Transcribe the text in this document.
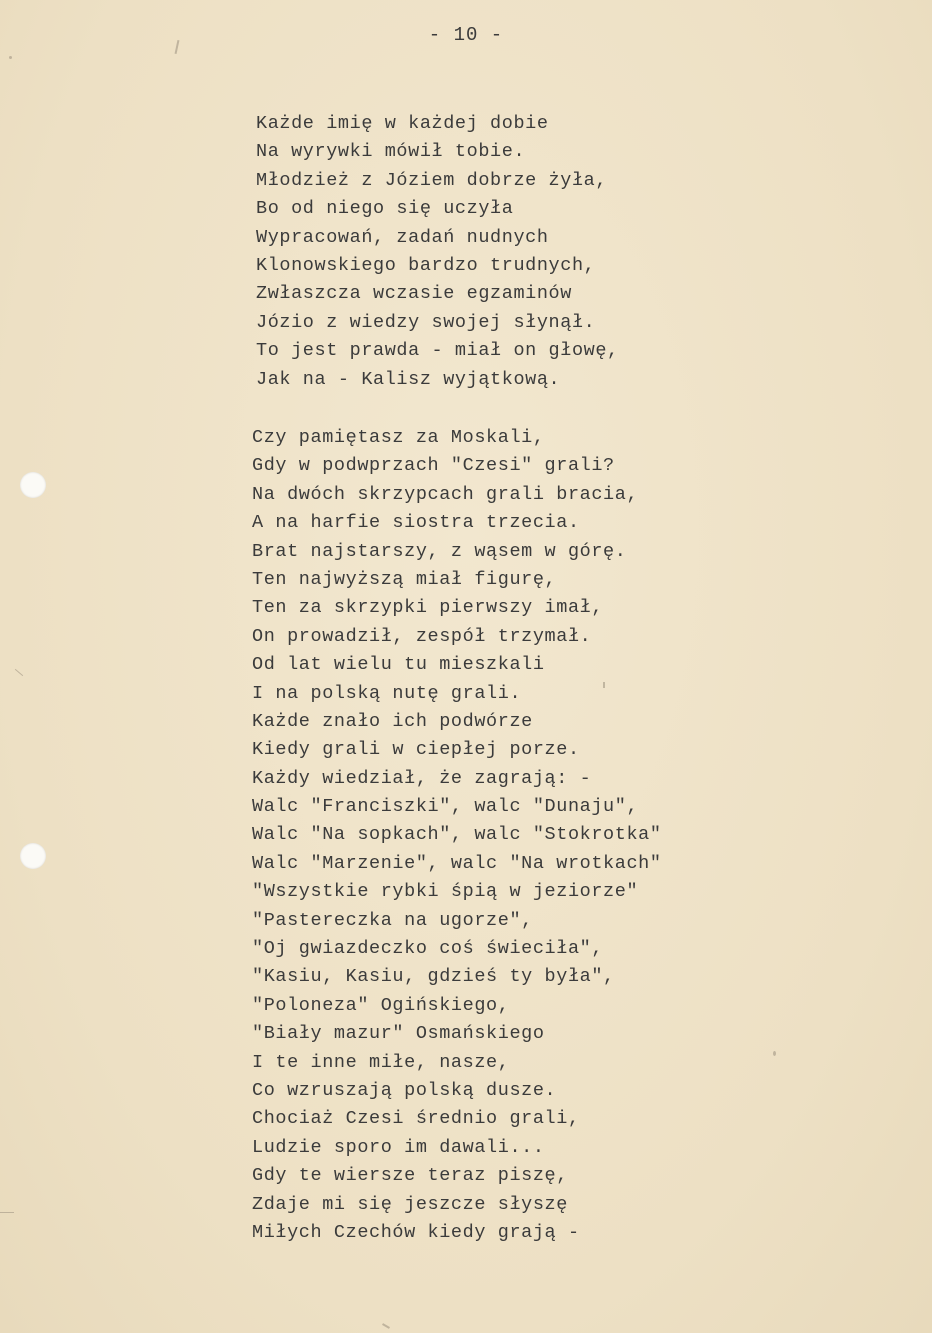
- 10 -
Każde imię w każdej dobie
Na wyrywki mówił tobie.
Młodzież z Józiem dobrze żyła,
Bo od niego się uczyła
Wypracowań, zadań nudnych
Klonowskiego bardzo trudnych,
Zwłaszcza wczasie egzaminów
Józio z wiedzy swojej słynął.
To jest prawda - miał on głowę,
Jak na - Kalisz wyjątkową.
Czy pamiętasz za Moskali,
Gdy w podwprzach "Czesi" grali?
Na dwóch skrzypcach grali bracia,
A na harfie siostra trzecia.
Brat najstarszy, z wąsem w górę.
Ten najwyższą miał figurę,
Ten za skrzypki pierwszy imał,
On prowadził, zespół trzymał.
Od lat wielu tu mieszkali
I na polską nutę grali.
Każde znało ich podwórze
Kiedy grali w ciepłej porze.
Każdy wiedział, że zagrają: -
Walc "Franciszki", walc "Dunaju",
Walc "Na sopkach", walc "Stokrotka"
Walc "Marzenie", walc "Na wrotkach"
"Wszystkie rybki śpią w jeziorze"
"Pastereczka na ugorze",
"Oj gwiazdeczko coś świeciła",
"Kasiu, Kasiu, gdzieś ty była",
"Poloneza" Ogińskiego,
"Biały mazur" Osmańskiego
I te inne miłe, nasze,
Co wzruszają polską dusze.
Chociaż Czesi średnio grali,
Ludzie sporo im dawali...
Gdy te wiersze teraz piszę,
Zdaje mi się jeszcze słyszę
Miłych Czechów kiedy grają -
